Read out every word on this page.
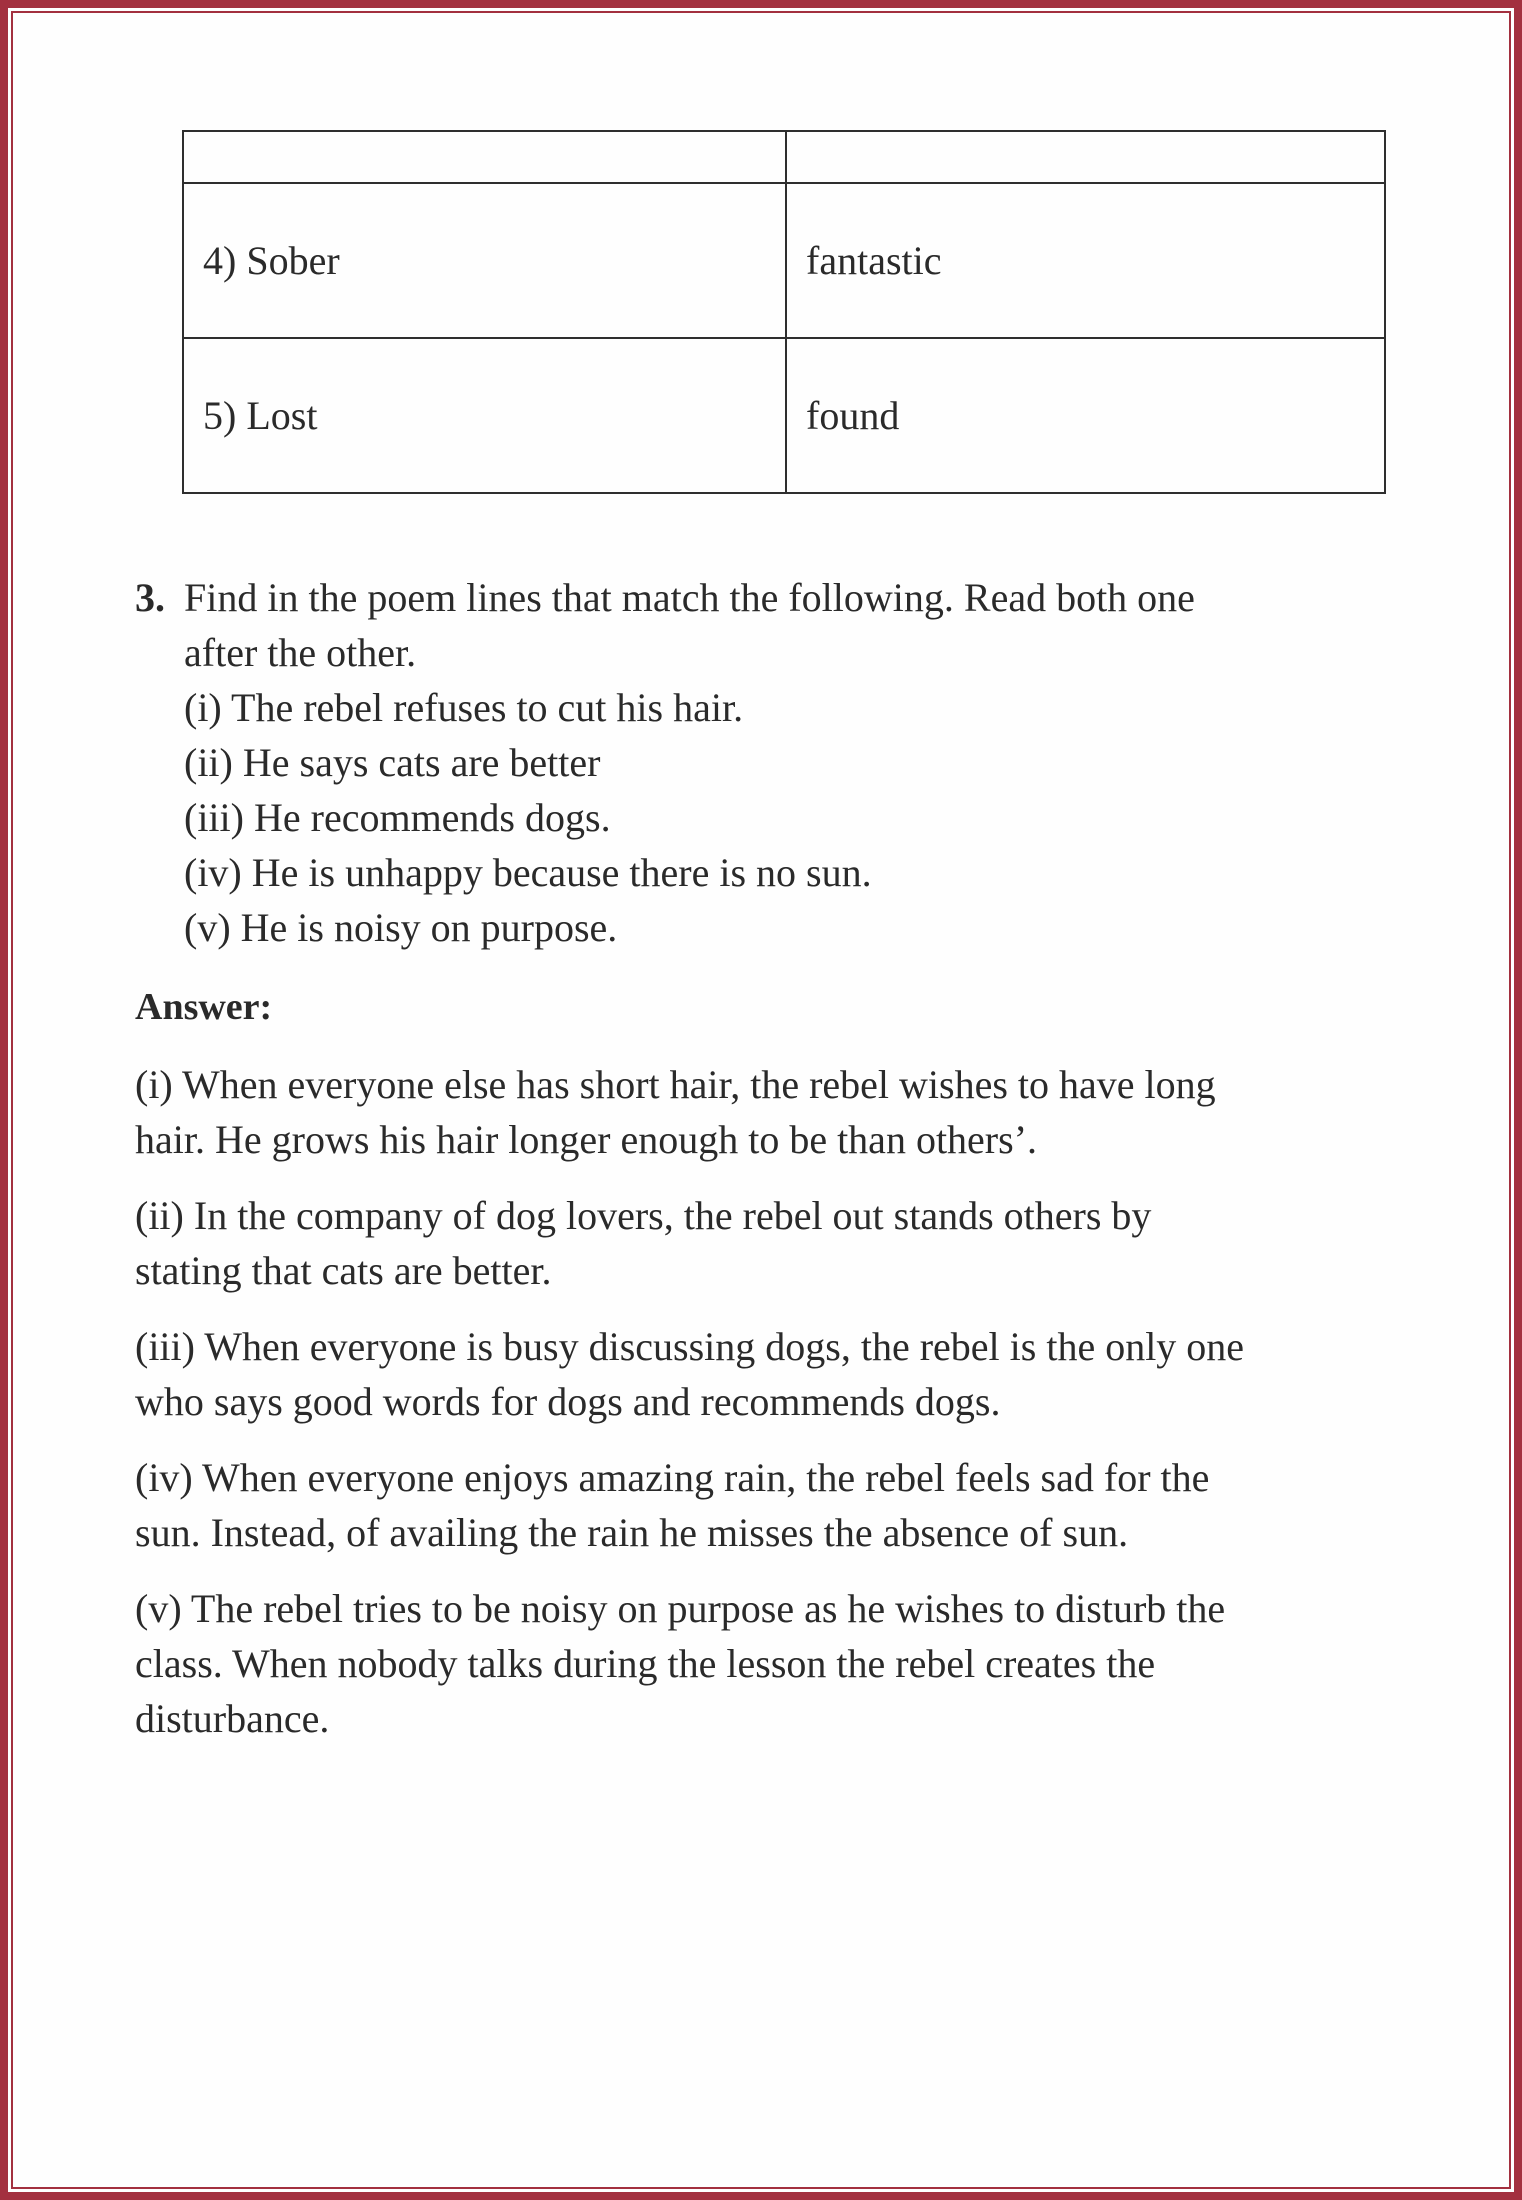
4) Sober	fantastic
5) Lost	found
3. Find in the poem lines that match the following. Read both one
after the other.
(i) The rebel refuses to cut his hair.
(ii) He says cats are better
(iii) He recommends dogs.
(iv) He is unhappy because there is no sun.
(v) He is noisy on purpose.
Answer:
(i) When everyone else has short hair, the rebel wishes to have long
hair. He grows his hair longer enough to be than others’.
(ii) In the company of dog lovers, the rebel out stands others by
stating that cats are better.
(iii) When everyone is busy discussing dogs, the rebel is the only one
who says good words for dogs and recommends dogs.
(iv) When everyone enjoys amazing rain, the rebel feels sad for the
sun. Instead, of availing the rain he misses the absence of sun.
(v) The rebel tries to be noisy on purpose as he wishes to disturb the
class. When nobody talks during the lesson the rebel creates the
disturbance.
